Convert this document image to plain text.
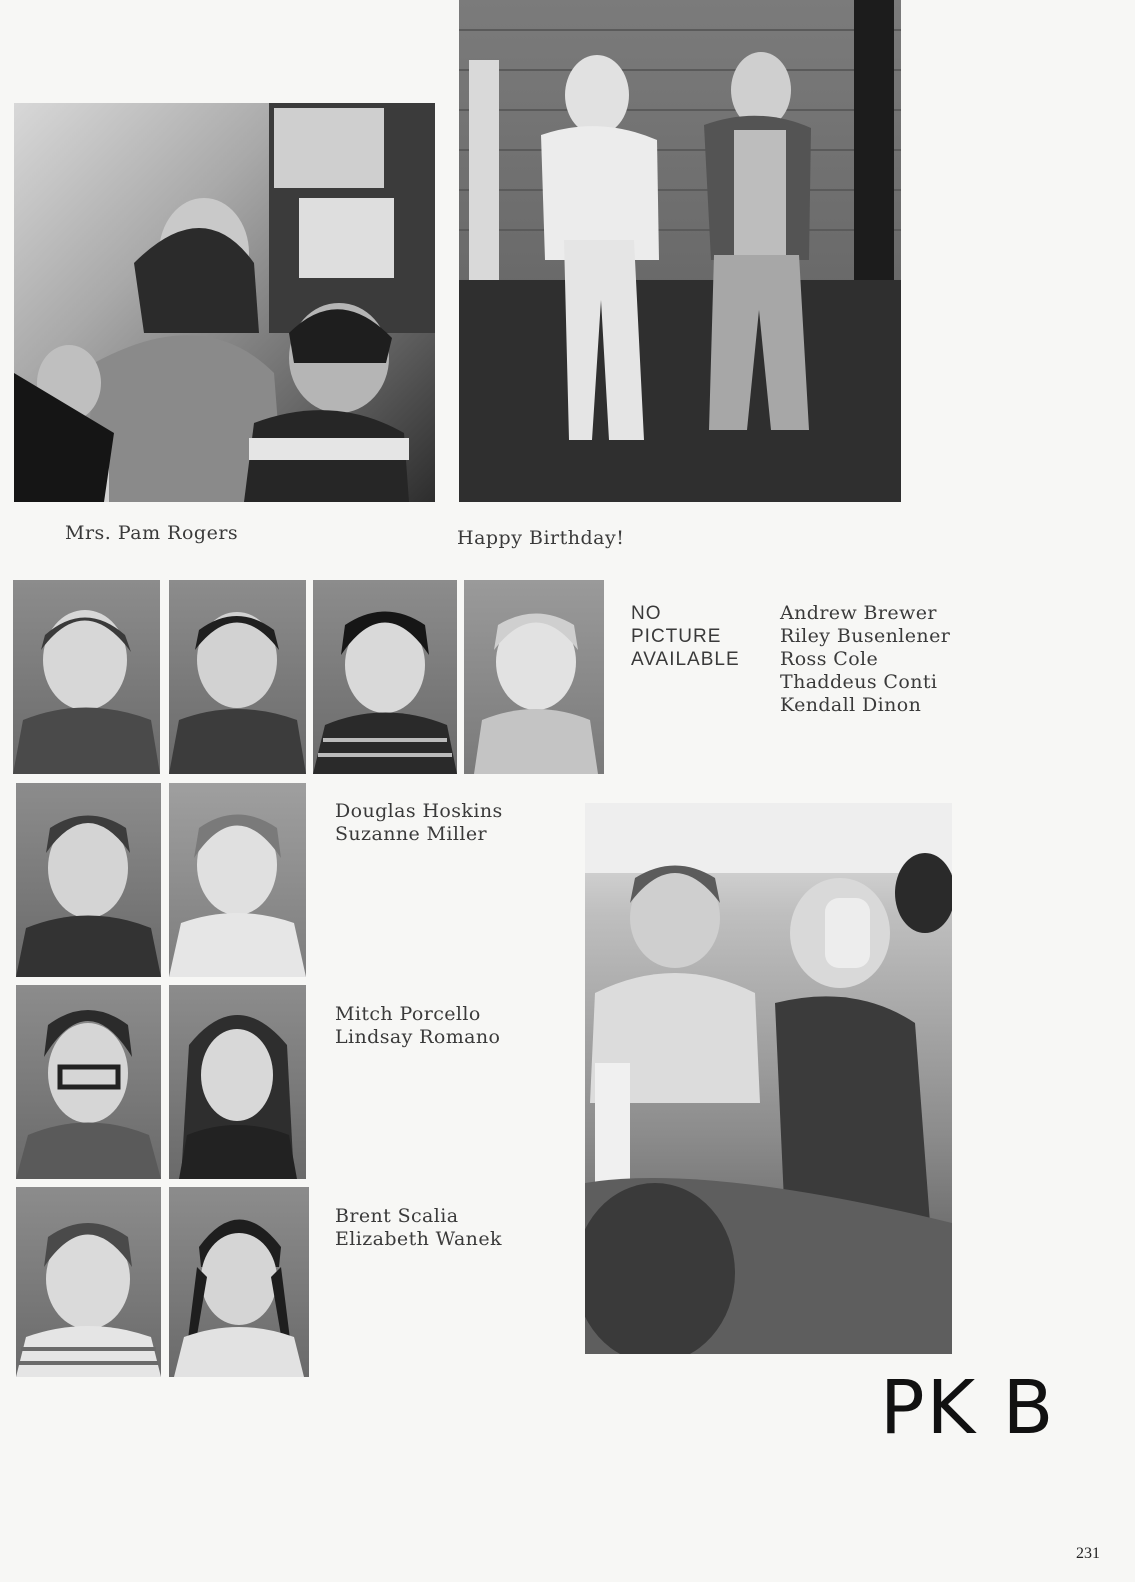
Mrs. Pam Rogers	Happy Birthday!
NO
PICTURE
AVAILABLE
Andrew Brewer
Riley Busenlener
Ross Cole
Thaddeus Conti
Kendall Dinon
Douglas Hoskins
Suzanne Miller
Mitch Porcello
Lindsay Romano
Brent Scalia
Elizabeth Wanek
PK B
231
